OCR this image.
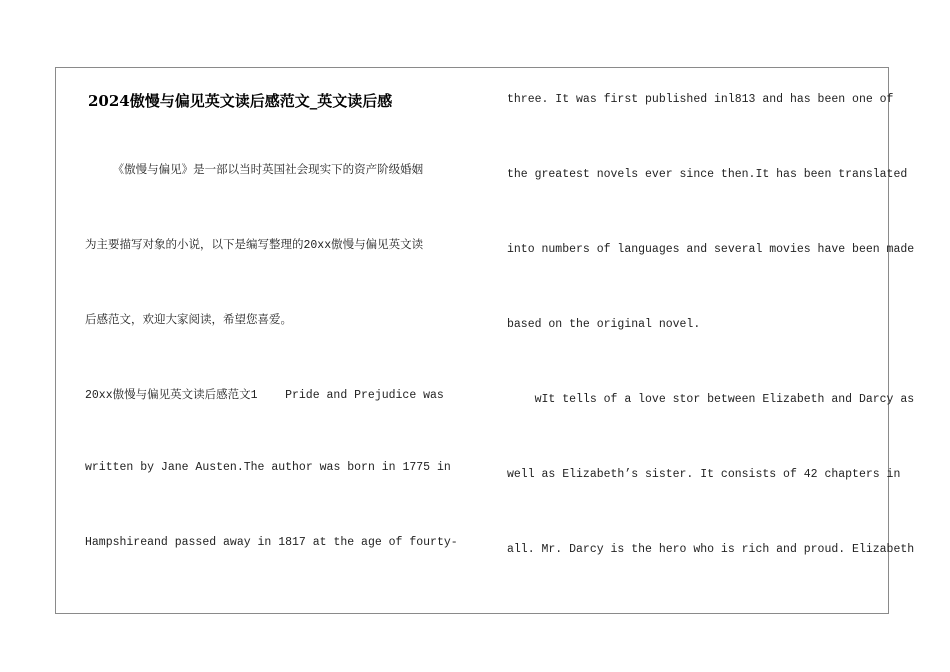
2024傲慢与偏见英文读后感范文_英文读后感
《傲慢与偏见》是一部以当时英国社会现实下的资产阶级婚姻
为主要描写对象的小说，以下是编写整理的20xx傲慢与偏见英文读
后感范文，欢迎大家阅读，希望您喜爱。
20xx傲慢与偏见英文读后感范文1    Pride and Prejudice was
written by Jane Austen.The author was born in 1775 in
Hampshireand passed away in 1817 at the age of fourty-
three. It was first published inl813 and has been one of
the greatest novels ever since then.It has been translated
into numbers of languages and several movies have been made
based on the original novel.
wIt tells of a love stor between Elizabeth and Darcy as
well as Elizabeth’s sister. It consists of 42 chapters in
all. Mr. Darcy is the hero who is rich and proud. Elizabeth
